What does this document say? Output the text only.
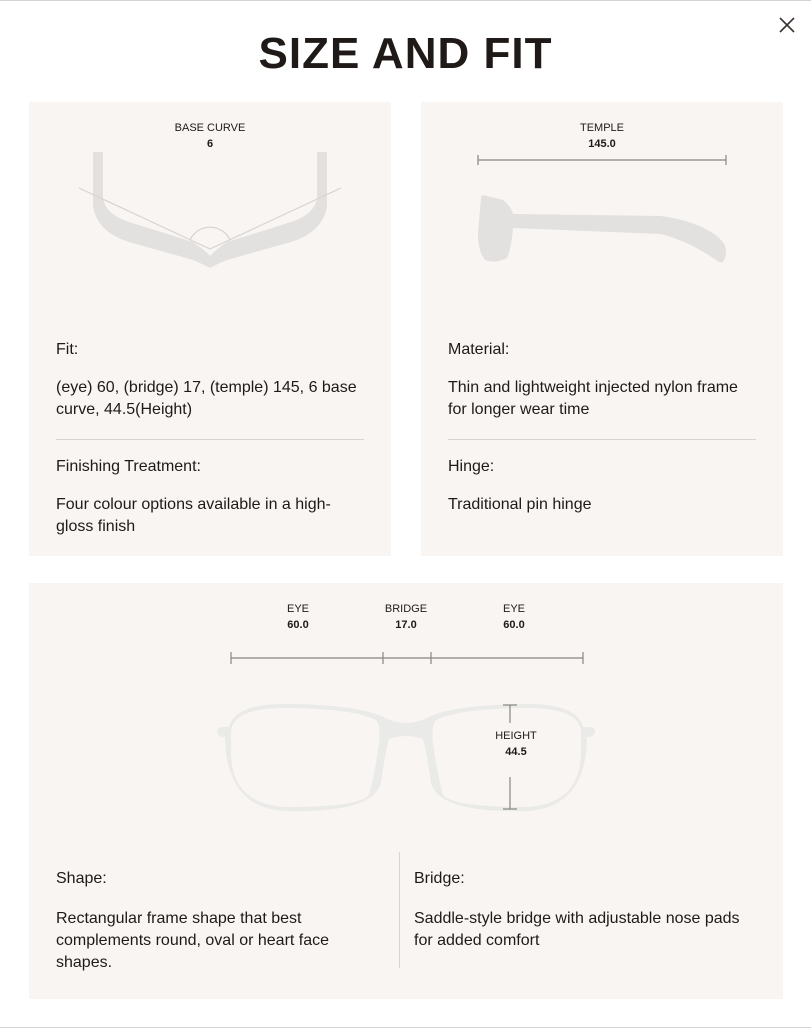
SIZE AND FIT
BASE CURVE
6
Fit:
(eye) 60, (bridge) 17, (temple) 145, 6 base curve, 44.5(Height)
Finishing Treatment:
Four colour options available in a high-gloss finish
TEMPLE
145.0
Material:
Thin and lightweight injected nylon frame for longer wear time
Hinge:
Traditional pin hinge
EYE
60.0
BRIDGE
17.0
EYE
60.0
HEIGHT
44.5
Shape:
Rectangular frame shape that best complements round, oval or heart face shapes.
Bridge:
Saddle-style bridge with adjustable nose pads for added comfort
